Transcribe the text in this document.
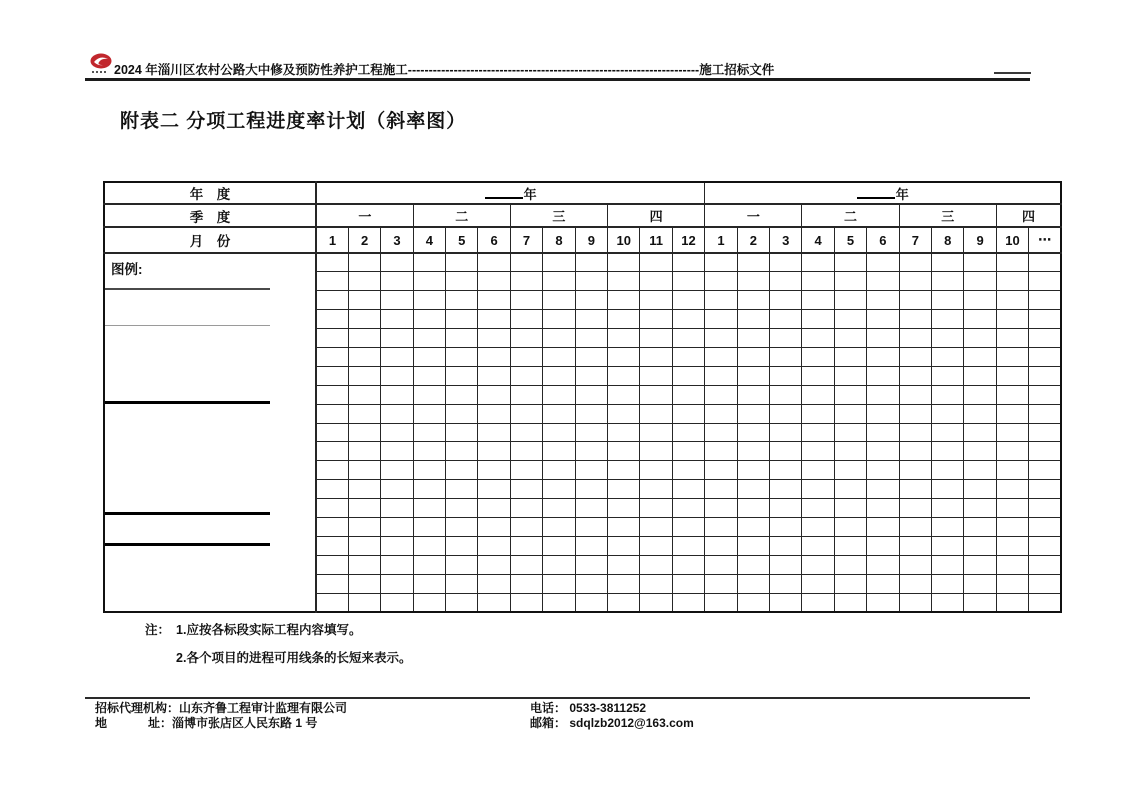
2024 年淄川区农村公路大中修及预防性养护工程施工----------------------------------------------------------------------施工招标文件
附表二 分项工程进度率计划（斜率图）
年　度	年												年										
季　度	一			二			三			四			一			二			三			四	
月　份	1	2	3	4	5	6	7	8	9	10	11	12	1	2	3	4	5	6	7	8	9	10	⋯

图例:																							

注： 1.应按各标段实际工程内容填写。
2.各个项目的进程可用线条的长短来表示。
招标代理机构： 山东齐鲁工程审计监理有限公司	电话： 0533-3811252
地	址： 淄博市张店区人民东路 1 号	邮箱： sdqlzb2012@163.com
